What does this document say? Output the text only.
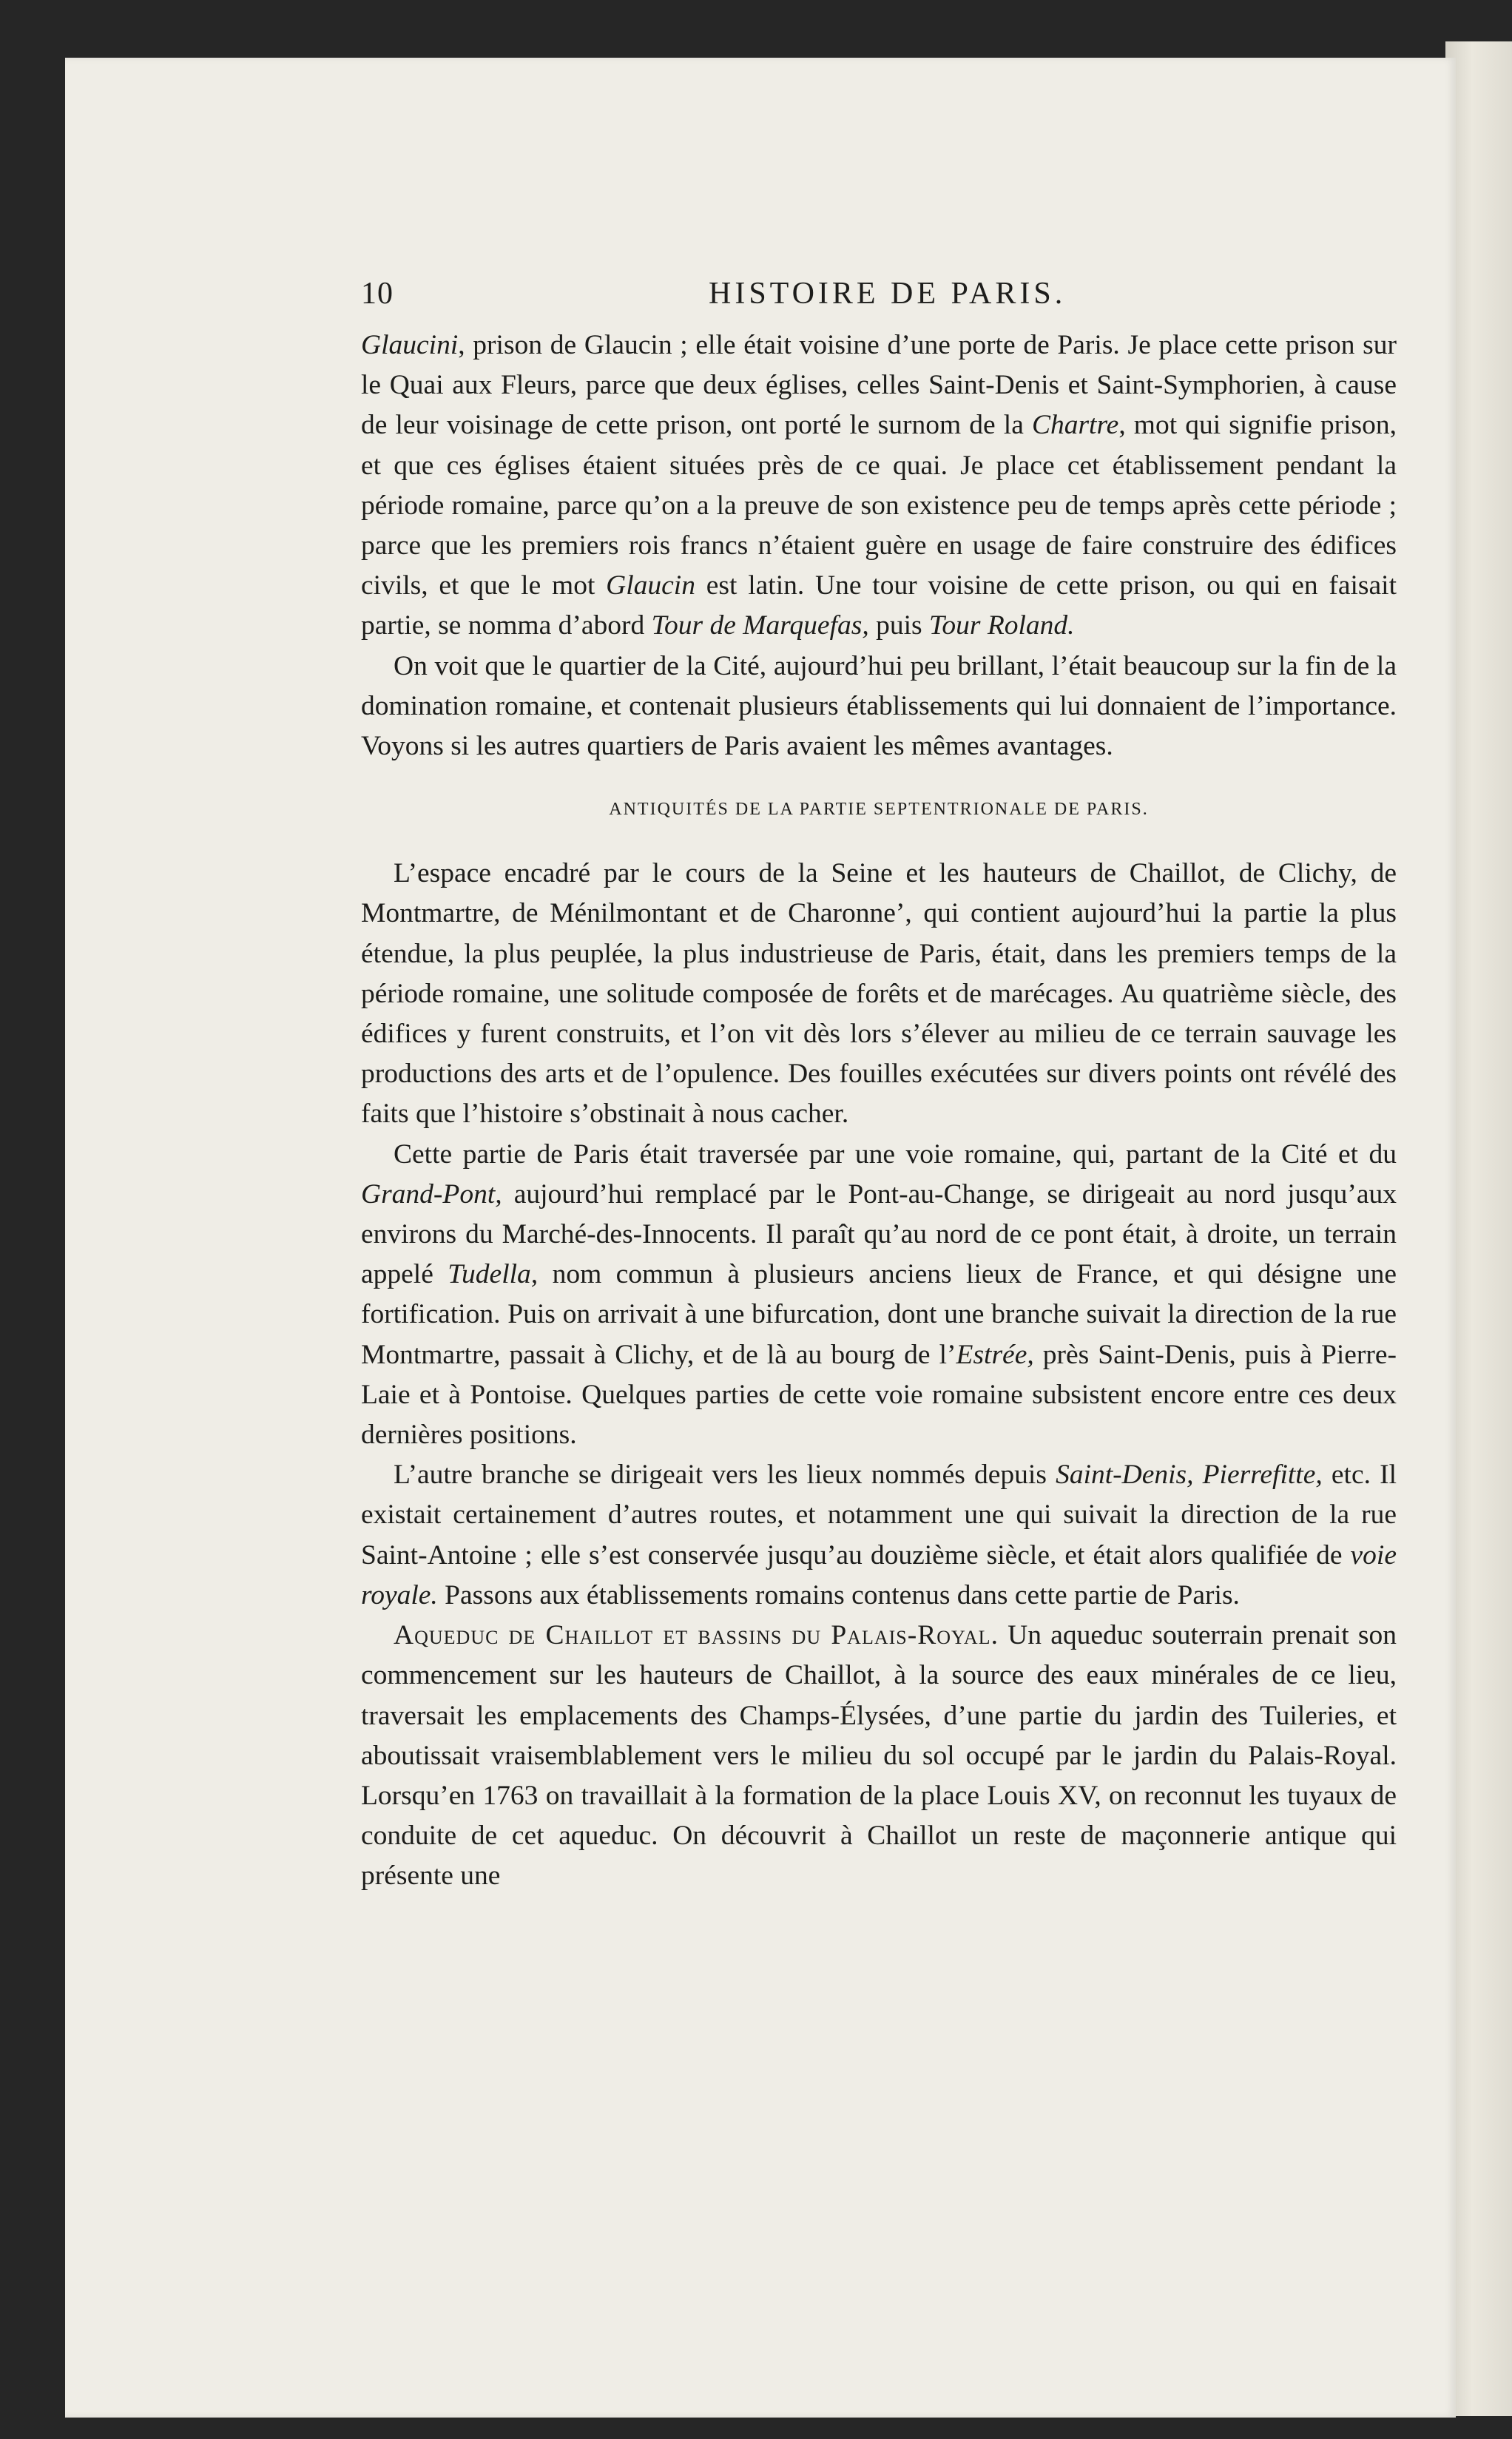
10	HISTOIRE DE PARIS.

Glaucini, prison de Glaucin ; elle était voisine d’une porte de Paris. Je place cette prison sur le Quai aux Fleurs, parce que deux églises, celles Saint-Denis et Saint-Symphorien, à cause de leur voisinage de cette prison, ont porté le surnom de la Chartre, mot qui signifie prison, et que ces églises étaient situées près de ce quai. Je place cet établissement pendant la période romaine, parce qu’on a la preuve de son existence peu de temps après cette période ; parce que les premiers rois francs n’étaient guère en usage de faire construire des édifices civils, et que le mot Glaucin est latin. Une tour voisine de cette prison, ou qui en faisait partie, se nomma d’abord Tour de Marquefas, puis Tour Roland.

On voit que le quartier de la Cité, aujourd’hui peu brillant, l’était beaucoup sur la fin de la domination romaine, et contenait plusieurs établissements qui lui donnaient de l’importance. Voyons si les autres quartiers de Paris avaient les mêmes avantages.

ANTIQUITÉS DE LA PARTIE SEPTENTRIONALE DE PARIS.

L’espace encadré par le cours de la Seine et les hauteurs de Chaillot, de Clichy, de Montmartre, de Ménilmontant et de Charonne’, qui contient aujourd’hui la partie la plus étendue, la plus peuplée, la plus industrieuse de Paris, était, dans les premiers temps de la période romaine, une solitude composée de forêts et de marécages. Au quatrième siècle, des édifices y furent construits, et l’on vit dès lors s’élever au milieu de ce terrain sauvage les productions des arts et de l’opulence. Des fouilles exécutées sur divers points ont révélé des faits que l’histoire s’obstinait à nous cacher.

Cette partie de Paris était traversée par une voie romaine, qui, partant de la Cité et du Grand-Pont, aujourd’hui remplacé par le Pont-au-Change, se dirigeait au nord jusqu’aux environs du Marché-des-Innocents. Il paraît qu’au nord de ce pont était, à droite, un terrain appelé Tudella, nom commun à plusieurs anciens lieux de France, et qui désigne une fortification. Puis on arrivait à une bifurcation, dont une branche suivait la direction de la rue Montmartre, passait à Clichy, et de là au bourg de l’Estrée, près Saint-Denis, puis à Pierre-Laie et à Pontoise. Quelques parties de cette voie romaine subsistent encore entre ces deux dernières positions.

L’autre branche se dirigeait vers les lieux nommés depuis Saint-Denis, Pierrefitte, etc. Il existait certainement d’autres routes, et notamment une qui suivait la direction de la rue Saint-Antoine ; elle s’est conservée jusqu’au douzième siècle, et était alors qualifiée de voie royale. Passons aux établissements romains contenus dans cette partie de Paris.

Aqueduc de Chaillot et bassins du Palais-Royal. Un aqueduc souterrain prenait son commencement sur les hauteurs de Chaillot, à la source des eaux minérales de ce lieu, traversait les emplacements des Champs-Élysées, d’une partie du jardin des Tuileries, et aboutissait vraisemblablement vers le milieu du sol occupé par le jardin du Palais-Royal. Lorsqu’en 1763 on travaillait à la formation de la place Louis XV, on reconnut les tuyaux de conduite de cet aqueduc. On découvrit à Chaillot un reste de maçonnerie antique qui présente une
